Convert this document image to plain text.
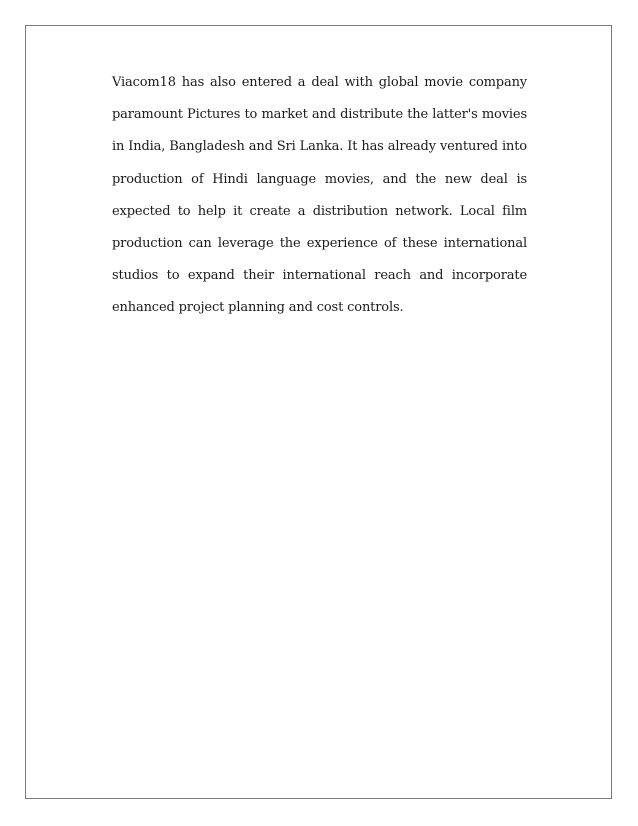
Viacom18 has also entered a deal with global movie company paramount Pictures to market and distribute the latter's movies in India, Bangladesh and Sri Lanka. It has already ventured into production of Hindi language movies, and the new deal is expected to help it create a distribution network. Local film production can leverage the experience of these international studios to expand their international reach and incorporate enhanced project planning and cost controls.
